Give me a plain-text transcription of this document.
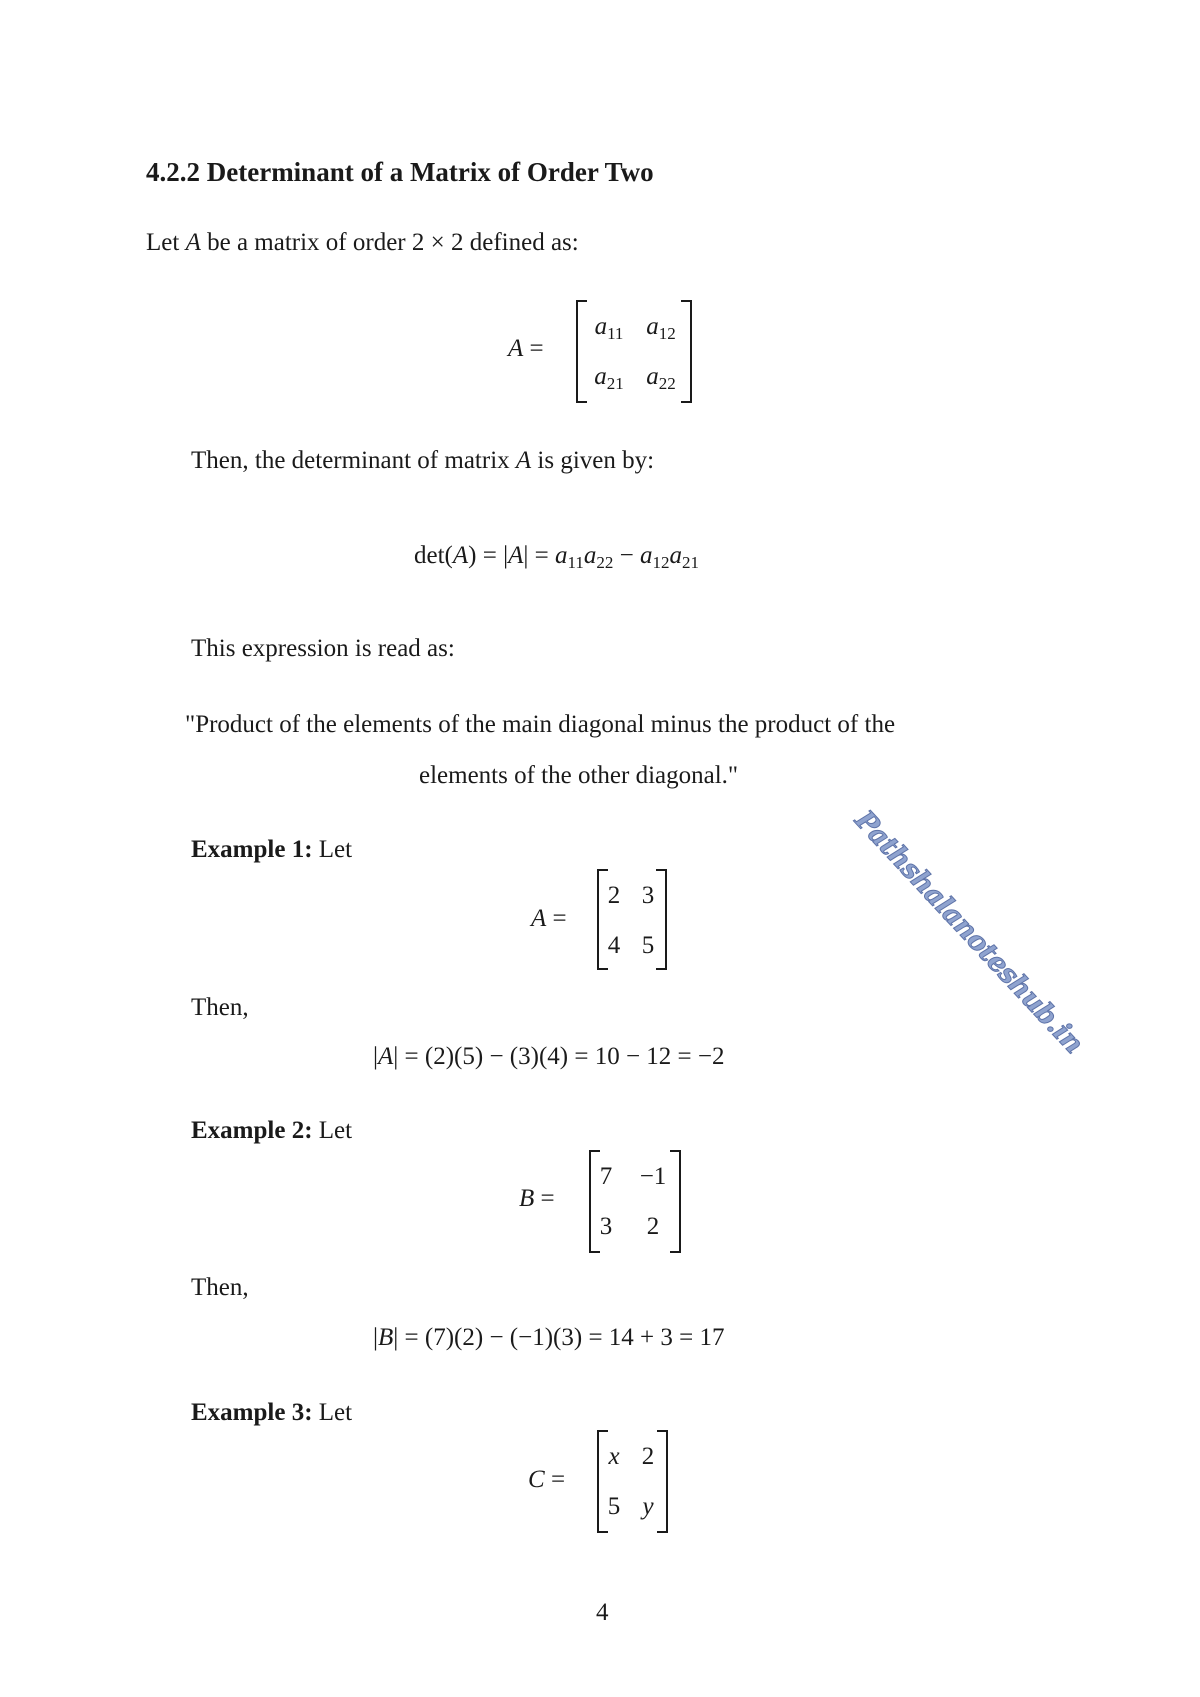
4.2.2 Determinant of a Matrix of Order Two
Let A be a matrix of order 2 × 2 defined as:
A =
$a_{11}$ $a_{12}$
$a_{21}$ $a_{22}$
Then, the determinant of matrix A is given by:
$\det(A) = |A| = a_{11}a_{22} - a_{12}a_{21}$
This expression is read as:
"Product of the elements of the main diagonal minus the product of the
elements of the other diagonal."
Example 1: Let
A =
2 3
4 5
Then,
|A| = (2)(5) − (3)(4) = 10 − 12 = −2
Example 2: Let
B =
7	−1
3	2
Then,
|B| = (7)(2) − (−1)(3) = 14 + 3 = 17
Example 3: Let
C =
x 2
5 y
4
Pathshalanoteshub.in
